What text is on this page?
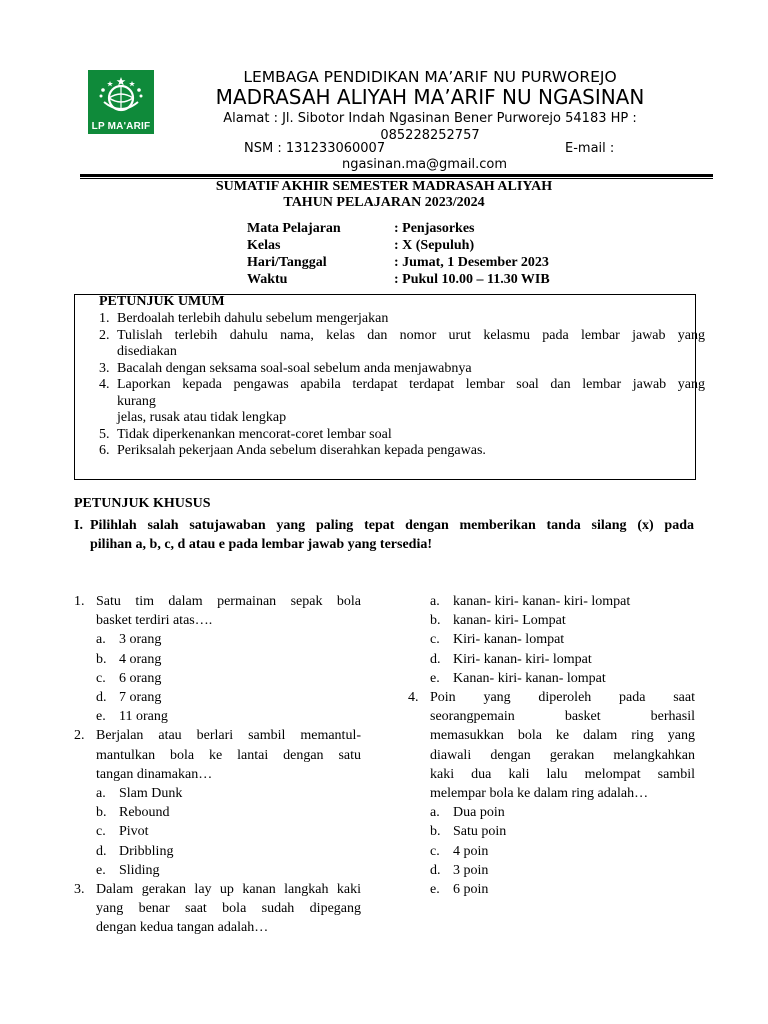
LP MA'ARIF
LEMBAGA PENDIDIKAN MA’ARIF NU PURWOREJO
MADRASAH ALIYAH MA’ARIF NU NGASINAN
Alamat : Jl. Sibotor Indah Ngasinan Bener Purworejo 54183 HP :
085228252757
NSM : 131233060007	E-mail :
ngasinan.ma@gmail.com
SUMATIF AKHIR SEMESTER MADRASAH ALIYAH
TAHUN PELAJARAN 2023/2024
Mata Pelajaran	: Penjasorkes
Kelas	: X (Sepuluh)
Hari/Tanggal	: Jumat, 1 Desember 2023
Waktu	: Pukul 10.00 – 11.30 WIB
PETUNJUK UMUM
1. Berdoalah terlebih dahulu sebelum mengerjakan
2. Tulislah terlebih dahulu nama, kelas dan nomor urut kelasmu pada lembar jawab yang
disediakan
3. Bacalah dengan seksama soal-soal sebelum anda menjawabnya
4. Laporkan kepada pengawas apabila terdapat terdapat lembar soal dan lembar jawab yang
kurang
jelas, rusak atau tidak lengkap
5. Tidak diperkenankan mencorat-coret lembar soal
6. Periksalah pekerjaan Anda sebelum diserahkan kepada pengawas.
PETUNJUK KHUSUS
I. Pilihlah salah satujawaban yang paling tepat dengan memberikan tanda silang (x) pada
pilihan a, b, c, d atau e pada lembar jawab yang tersedia!
1. Satu tim dalam permainan sepak bola
basket terdiri atas….
a. 3 orang
b. 4 orang
c. 6 orang
d. 7 orang
e. 11 orang
2. Berjalan atau berlari sambil memantul-
mantulkan bola ke lantai dengan satu
tangan dinamakan…
a. Slam Dunk
b. Rebound
c. Pivot
d. Dribbling
e. Sliding
3. Dalam gerakan lay up kanan langkah kaki
yang benar saat bola sudah dipegang
dengan kedua tangan adalah…
a. kanan- kiri- kanan- kiri- lompat
b. kanan- kiri- Lompat
c. Kiri- kanan- lompat
d. Kiri- kanan- kiri- lompat
e. Kanan- kiri- kanan- lompat
4. Poin yang diperoleh pada saat
seorangpemain basket berhasil
memasukkan bola ke dalam ring yang
diawali dengan gerakan melangkahkan
kaki dua kali lalu melompat sambil
melempar bola ke dalam ring adalah…
a. Dua poin
b. Satu poin
c. 4 poin
d. 3 poin
e. 6 poin
